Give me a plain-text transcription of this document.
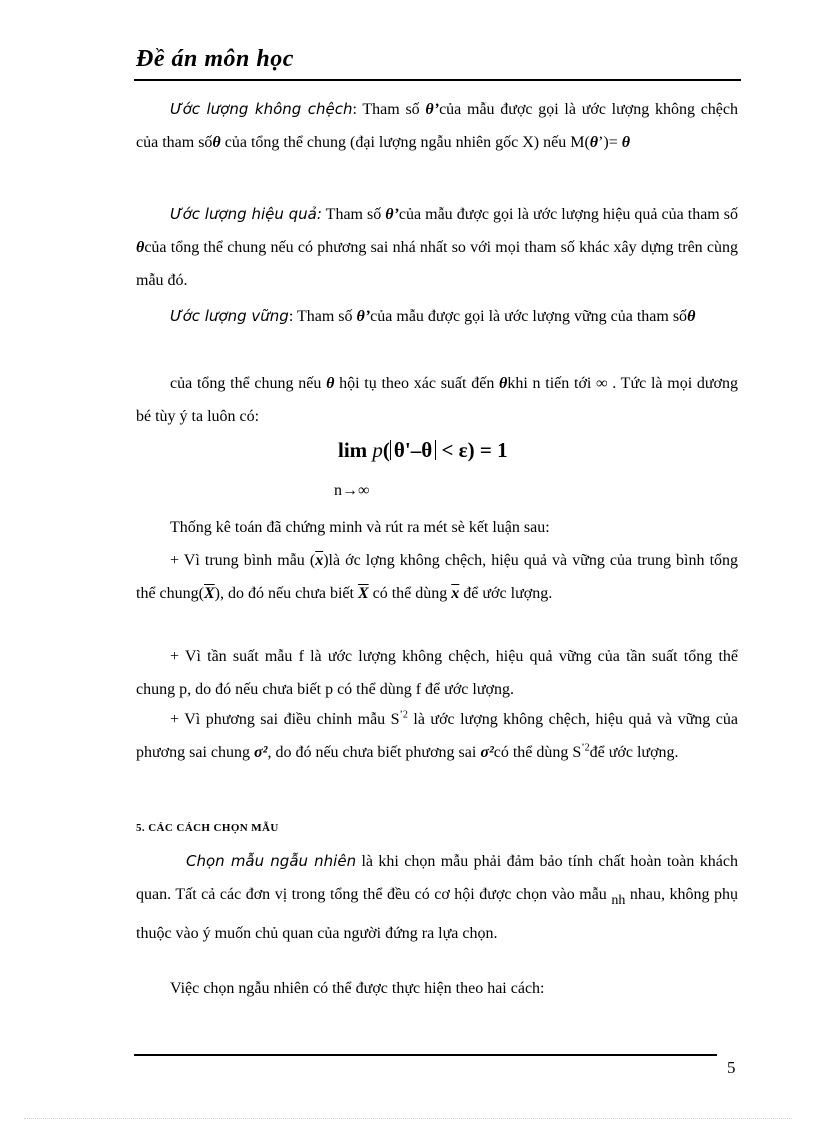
Đề án môn học

Ước lượng không chệch: Tham số θ’của mẫu được gọi là ước lượng không chệch của tham sốθ của tổng thể chung (đại lượng ngẫu nhiên gốc X) nếu M(θ’)= θ

Ước lượng hiệu quả: Tham số θ’của mẫu được gọi là ước lượng hiệu quả của tham số θcủa tổng thể chung nếu có phương sai nhá nhất so với mọi tham số khác xây dựng trên cùng mẫu đó.

Ước lượng vững: Tham số θ’của mẫu được gọi là ước lượng vững của tham sốθ

của tổng thể chung nếu θ hội tụ theo xác suất đến θkhi n tiến tới ∞ . Tức là mọi dương bé tùy ý ta luôn có:

lim p( θ'–θ < ε) = 1
n→∞

Thống kê toán đã chứng minh và rút ra mét sè kết luận sau:

+ Vì trung bình mẫu $(\overline{x})là$ ớc lợng không chệch, hiệu quả và vững của trung bình tổng thể $chung(\overline{X})$, do đó nếu chưa biết $\overline{X}$ có thể dùng $\overline{x}$ để ước lượng.

+ Vì tần suất mẫu f là ước lượng không chệch, hiệu quả vững của tần suất tổng thể chung p, do đó nếu chưa biết p có thể dùng f để ước lượng.

+ Vì phương sai điều chỉnh mẫu $S^{’2}$ là ước lượng không chệch, hiệu quả và vững của phương sai chung σ², do đó nếu chưa biết phương sai σ²có thể dùng $S^{’2}để$ ước lượng.

5. CÁC CÁCH CHỌN MẪU

Chọn mẫu ngẫu nhiên là khi chọn mẫu phải đảm bảo tính chất hoàn toàn khách quan. Tất cả các đơn vị trong tổng thể đều có cơ hội được chọn vào mẫu nh nhau, không phụ thuộc vào ý muốn chủ quan của người đứng ra lựa chọn.

Việc chọn ngẫu nhiên có thể được thực hiện theo hai cách:

5
